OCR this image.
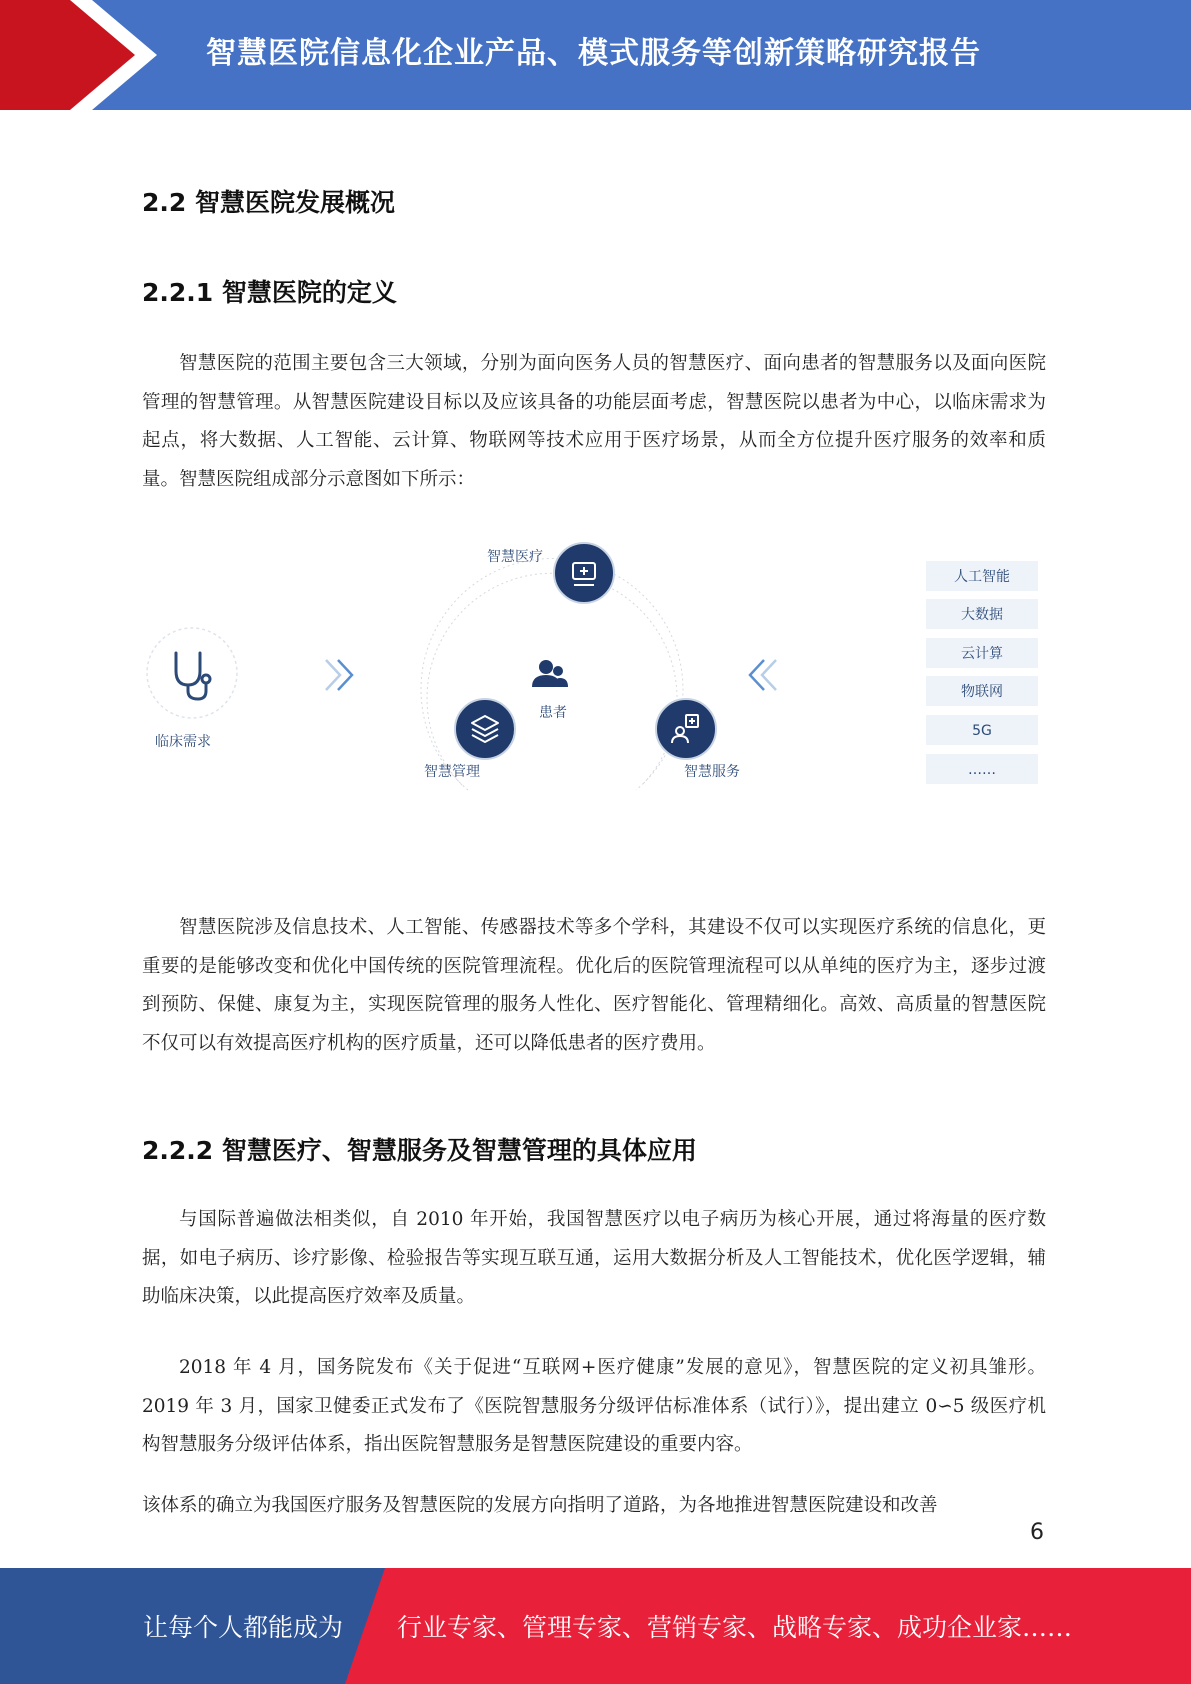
智慧医院信息化企业产品、模式服务等创新策略研究报告
2.2 智慧医院发展概况
2.2.1 智慧医院的定义

智慧医院的范围主要包含三大领域，分别为面向医务人员的智慧医疗、面向患者的智慧服务以及面向医院管理的智慧管理。从智慧医院建设目标以及应该具备的功能层面考虑，智慧医院以患者为中心，以临床需求为起点，将大数据、人工智能、云计算、物联网等技术应用于医疗场景，从而全方位提升医疗服务的效率和质量。智慧医院组成部分示意图如下所示：

临床需求
患者
智慧医疗
智慧管理	智慧服务
人工智能
大数据
云计算
物联网
5G
……

智慧医院涉及信息技术、人工智能、传感器技术等多个学科，其建设不仅可以实现医疗系统的信息化，更重要的是能够改变和优化中国传统的医院管理流程。优化后的医院管理流程可以从单纯的医疗为主，逐步过渡到预防、保健、康复为主，实现医院管理的服务人性化、医疗智能化、管理精细化。高效、高质量的智慧医院不仅可以有效提高医疗机构的医疗质量，还可以降低患者的医疗费用。

2.2.2 智慧医疗、智慧服务及智慧管理的具体应用

与国际普遍做法相类似，自 2010 年开始，我国智慧医疗以电子病历为核心开展，通过将海量的医疗数据，如电子病历、诊疗影像、检验报告等实现互联互通，运用大数据分析及人工智能技术，优化医学逻辑，辅助临床决策，以此提高医疗效率及质量。

2018 年 4 月，国务院发布《关于促进“互联网+医疗健康”发展的意见》，智慧医院的定义初具雏形。2019 年 3 月，国家卫健委正式发布了《医院智慧服务分级评估标准体系（试行）》，提出建立 0∽5 级医疗机构智慧服务分级评估体系，指出医院智慧服务是智慧医院建设的重要内容。

该体系的确立为我国医疗服务及智慧医院的发展方向指明了道路，为各地推进智慧医院建设和改善

6
让每个人都能成为 行业专家、管理专家、营销专家、战略专家、成功企业家……
